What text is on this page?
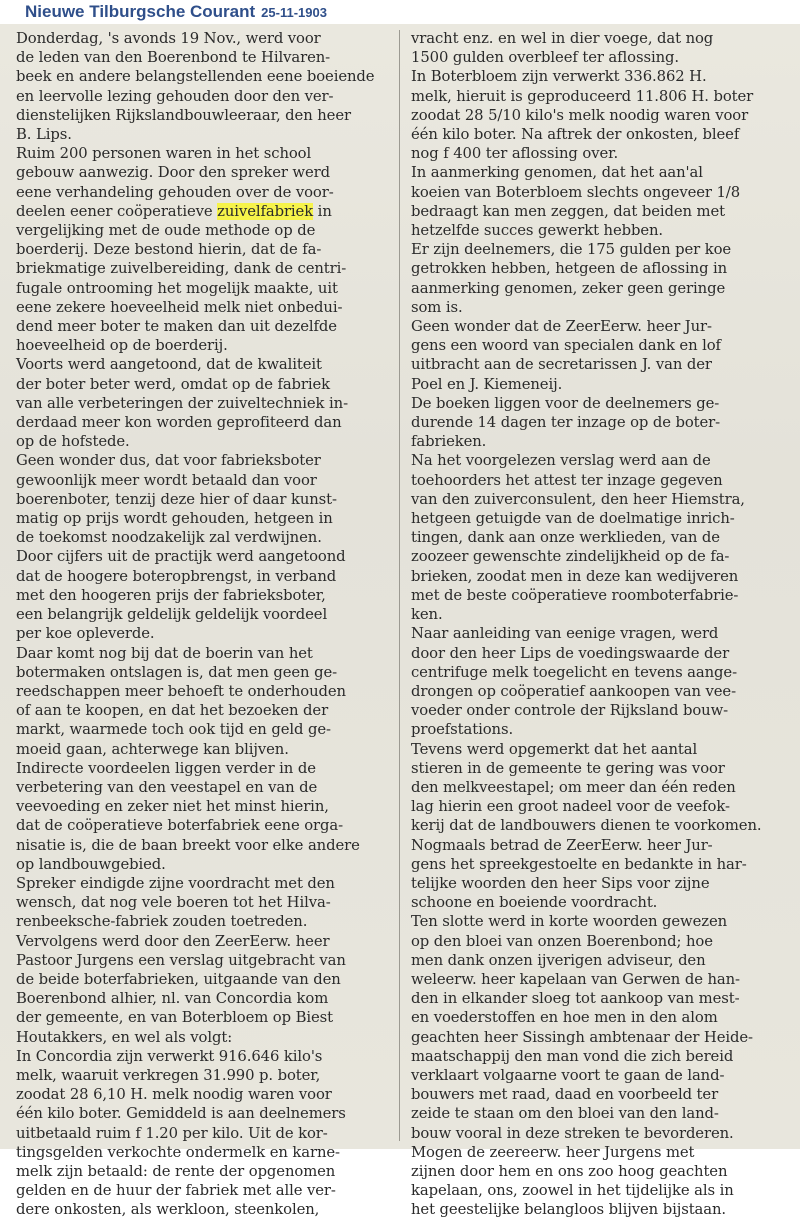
Nieuwe Tilburgsche Courant 25-11-1903

Donderdag, 's avonds 19 Nov., werd voor
de leden van den Boerenbond te Hilvaren-
beek en andere belangstellenden eene boeiende
en leervolle lezing gehouden door den ver-
dienstelijken Rijkslandbouwleeraar, den heer
B. Lips.

Ruim 200 personen waren in het school
gebouw aanwezig. Door den spreker werd
eene verhandeling gehouden over de voor-
deelen eener coöperatieve zuivelfabriek in
vergelijking met de oude methode op de
boerderij. Deze bestond hierin, dat de fa-
briekmatige zuivelbereiding, dank de centri-
fugale ontrooming het mogelijk maakte, uit
eene zekere hoeveelheid melk niet onbedui-
dend meer boter te maken dan uit dezelfde
hoeveelheid op de boerderij.

Voorts werd aangetoond, dat de kwaliteit
der boter beter werd, omdat op de fabriek
van alle verbeteringen der zuiveltechniek in-
derdaad meer kon worden geprofiteerd dan
op de hofstede.

Geen wonder dus, dat voor fabrieksboter
gewoonlijk meer wordt betaald dan voor
boerenboter, tenzij deze hier of daar kunst-
matig op prijs wordt gehouden, hetgeen in
de toekomst noodzakelijk zal verdwijnen.

Door cijfers uit de practijk werd aangetoond
dat de hoogere boteropbrengst, in verband
met den hoogeren prijs der fabrieksboter,
een belangrijk geldelijk geldelijk voordeel
per koe opleverde.

Daar komt nog bij dat de boerin van het
botermaken ontslagen is, dat men geen ge-
reedschappen meer behoeft te onderhouden
of aan te koopen, en dat het bezoeken der
markt, waarmede toch ook tijd en geld ge-
moeid gaan, achterwege kan blijven.

Indirecte voordeelen liggen verder in de
verbetering van den veestapel en van de
veevoeding en zeker niet het minst hierin,
dat de coöperatieve boterfabriek eene orga-
nisatie is, die de baan breekt voor elke andere
op landbouwgebied.

Spreker eindigde zijne voordracht met den
wensch, dat nog vele boeren tot het Hilva-
renbeeksche-fabriek zouden toetreden.

Vervolgens werd door den ZeerEerw. heer
Pastoor Jurgens een verslag uitgebracht van
de beide boterfabrieken, uitgaande van den
Boerenbond alhier, nl. van Concordia kom
der gemeente, en van Boterbloem op Biest
Houtakkers, en wel als volgt:

In Concordia zijn verwerkt 916.646 kilo's
melk, waaruit verkregen 31.990 p. boter,
zoodat 28 6,10 H. melk noodig waren voor
één kilo boter. Gemiddeld is aan deelnemers
uitbetaald ruim f 1.20 per kilo. Uit de kor-
tingsgelden verkochte ondermelk en karne-
melk zijn betaald: de rente der opgenomen
gelden en de huur der fabriek met alle ver-
dere onkosten, als werkloon, steenkolen,

vracht enz. en wel in dier voege, dat nog
1500 gulden overbleef ter aflossing.

In Boterbloem zijn verwerkt 336.862 H.
melk, hieruit is geproduceerd 11.806 H. boter
zoodat 28 5/10 kilo's melk noodig waren voor
één kilo boter. Na aftrek der onkosten, bleef
nog f 400 ter aflossing over.

In aanmerking genomen, dat het aan'al
koeien van Boterbloem slechts ongeveer 1/8
bedraagt kan men zeggen, dat beiden met
hetzelfde succes gewerkt hebben.

Er zijn deelnemers, die 175 gulden per koe
getrokken hebben, hetgeen de aflossing in
aanmerking genomen, zeker geen geringe
som is.

Geen wonder dat de ZeerEerw. heer Jur-
gens een woord van specialen dank en lof
uitbracht aan de secretarissen J. van der
Poel en J. Kiemeneij.

De boeken liggen voor de deelnemers ge-
durende 14 dagen ter inzage op de boter-
fabrieken.

Na het voorgelezen verslag werd aan de
toehoorders het attest ter inzage gegeven
van den zuiverconsulent, den heer Hiemstra,
hetgeen getuigde van de doelmatige inrich-
tingen, dank aan onze werklieden, van de
zoozeer gewenschte zindelijkheid op de fa-
brieken, zoodat men in deze kan wedijveren
met de beste coöperatieve roomboterfabrie-
ken.

Naar aanleiding van eenige vragen, werd
door den heer Lips de voedingswaarde der
centrifuge melk toegelicht en tevens aange-
drongen op coöperatief aankoopen van vee-
voeder onder controle der Rijksland bouw-
proefstations.

Tevens werd opgemerkt dat het aantal
stieren in de gemeente te gering was voor
den melkveestapel; om meer dan één reden
lag hierin een groot nadeel voor de veefok-
kerij dat de landbouwers dienen te voorkomen.

Nogmaals betrad de ZeerEerw. heer Jur-
gens het spreekgestoelte en bedankte in har-
telijke woorden den heer Sips voor zijne
schoone en boeiende voordracht.

Ten slotte werd in korte woorden gewezen
op den bloei van onzen Boerenbond; hoe
men dank onzen ijverigen adviseur, den
weleerw. heer kapelaan van Gerwen de han-
den in elkander sloeg tot aankoop van mest-
en voederstoffen en hoe men in den alom
geachten heer Sissingh ambtenaar der Heide-
maatschappij den man vond die zich bereid
verklaart volgaarne voort te gaan de land-
bouwers met raad, daad en voorbeeld ter
zeide te staan om den bloei van den land-
bouw vooral in deze streken te bevorderen.

Mogen de zeereerw. heer Jurgens met
zijnen door hem en ons zoo hoog geachten
kapelaan, ons, zoowel in het tijdelijke als in
het geestelijke belangloos blijven bijstaan.
